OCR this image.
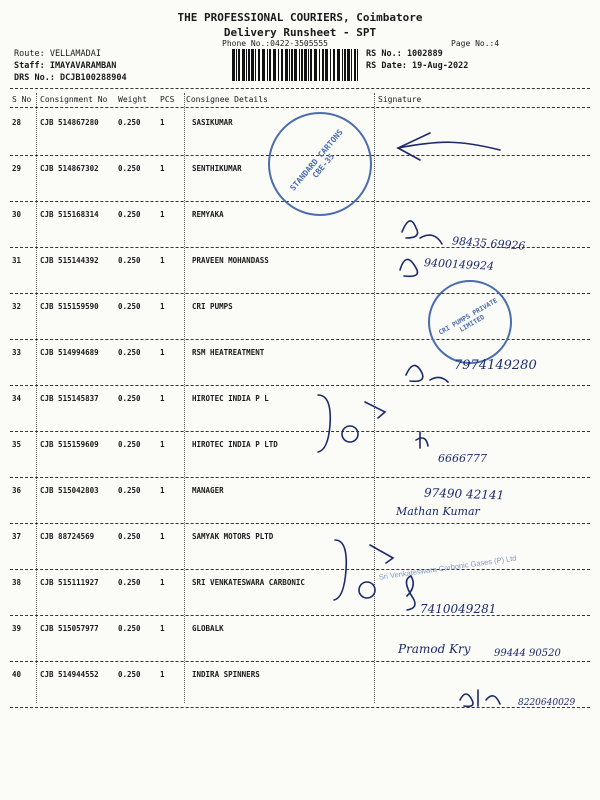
THE PROFESSIONAL COURIERS, Coimbatore
Delivery Runsheet - SPT
Phone No.:0422-3505555	Page No.:4
Route: VELLAMADAI
Staff: IMAYAVARAMBAN
DRS No.: DCJB100288904
RS No.: 1002889
RS Date: 19-Aug-2022
S No Consignment No Weight PCS Consignee Details	Signature
28	CJB 514867280	0.250	1	SASIKUMAR
29	CJB 514867302	0.250	1	SENTHIKUMAR
30	CJB 515168314	0.250	1	REMYAKA
31	CJB 515144392	0.250	1	PRAVEEN MOHANDASS
32	CJB 515159590	0.250	1	CRI PUMPS
33	CJB 514994689	0.250	1	RSM HEATREATMENT
34	CJB 515145837	0.250	1	HIROTEC INDIA P L
35	CJB 515159609	0.250	1	HIROTEC INDIA P LTD
36	CJB 515042803	0.250	1	MANAGER
37	CJB 88724569	0.250	1	SAMYAK MOTORS PLTD
38	CJB 515111927	0.250	1	SRI VENKATESWARA CARBONIC
39	CJB 515057977	0.250	1	GLOBALK
40	CJB 514944552	0.250	1	INDIRA SPINNERS
STANDARD CARTONS CBE-35
CRI PUMPS PRIVATE LIMITED
Sri Venkateswara Carbonic Gases (P) Ltd
98435 69926
9400149924
7974149280
6666777
97490 42141
Mathan Kumar
7410049281
Pramod Kry 99444 90520
8220640029
